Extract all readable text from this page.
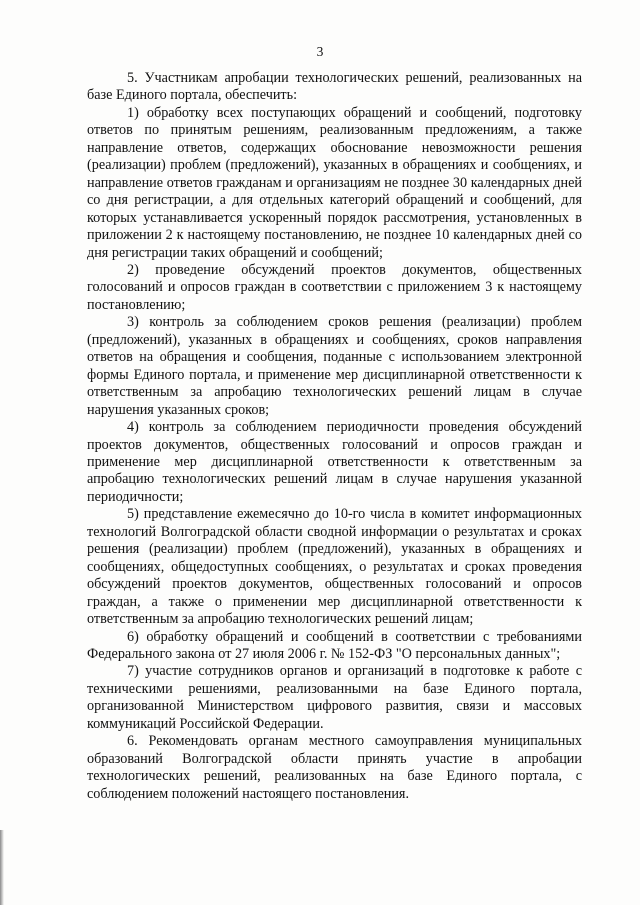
3

5. Участникам апробации технологических решений, реализованных на базе Единого портала, обеспечить:

1) обработку всех поступающих обращений и сообщений, подготовку ответов по принятым решениям, реализованным предложениям, а также направление ответов, содержащих обоснование невозможности решения (реализации) проблем (предложений), указанных в обращениях и сообщениях, и направление ответов гражданам и организациям не позднее 30 календарных дней со дня регистрации, а для отдельных категорий обращений и сообщений, для которых устанавливается ускоренный порядок рассмотрения, установленных в приложении 2 к настоящему постановлению, не позднее 10 календарных дней со дня регистрации таких обращений и сообщений;

2) проведение обсуждений проектов документов, общественных голосований и опросов граждан в соответствии с приложением 3 к настоящему постановлению;

3) контроль за соблюдением сроков решения (реализации) проблем (предложений), указанных в обращениях и сообщениях, сроков направления ответов на обращения и сообщения, поданные с использованием электронной формы Единого портала, и применение мер дисциплинарной ответственности к ответственным за апробацию технологических решений лицам в случае нарушения указанных сроков;

4) контроль за соблюдением периодичности проведения обсуждений проектов документов, общественных голосований и опросов граждан и применение мер дисциплинарной ответственности к ответственным за апробацию технологических решений лицам в случае нарушения указанной периодичности;

5) представление ежемесячно до 10-го числа в комитет информационных технологий Волгоградской области сводной информации о результатах и сроках решения (реализации) проблем (предложений), указанных в обращениях и сообщениях, общедоступных сообщениях, о результатах и сроках проведения обсуждений проектов документов, общественных голосований и опросов граждан, а также о применении мер дисциплинарной ответственности к ответственным за апробацию технологических решений лицам;

6) обработку обращений и сообщений в соответствии с требованиями Федерального закона от 27 июля 2006 г. № 152-ФЗ "О персональных данных";

7) участие сотрудников органов и организаций в подготовке к работе с техническими решениями, реализованными на базе Единого портала, организованной Министерством цифрового развития, связи и массовых коммуникаций Российской Федерации.

6. Рекомендовать органам местного самоуправления муниципальных образований Волгоградской области принять участие в апробации технологических решений, реализованных на базе Единого портала, с соблюдением положений настоящего постановления.
